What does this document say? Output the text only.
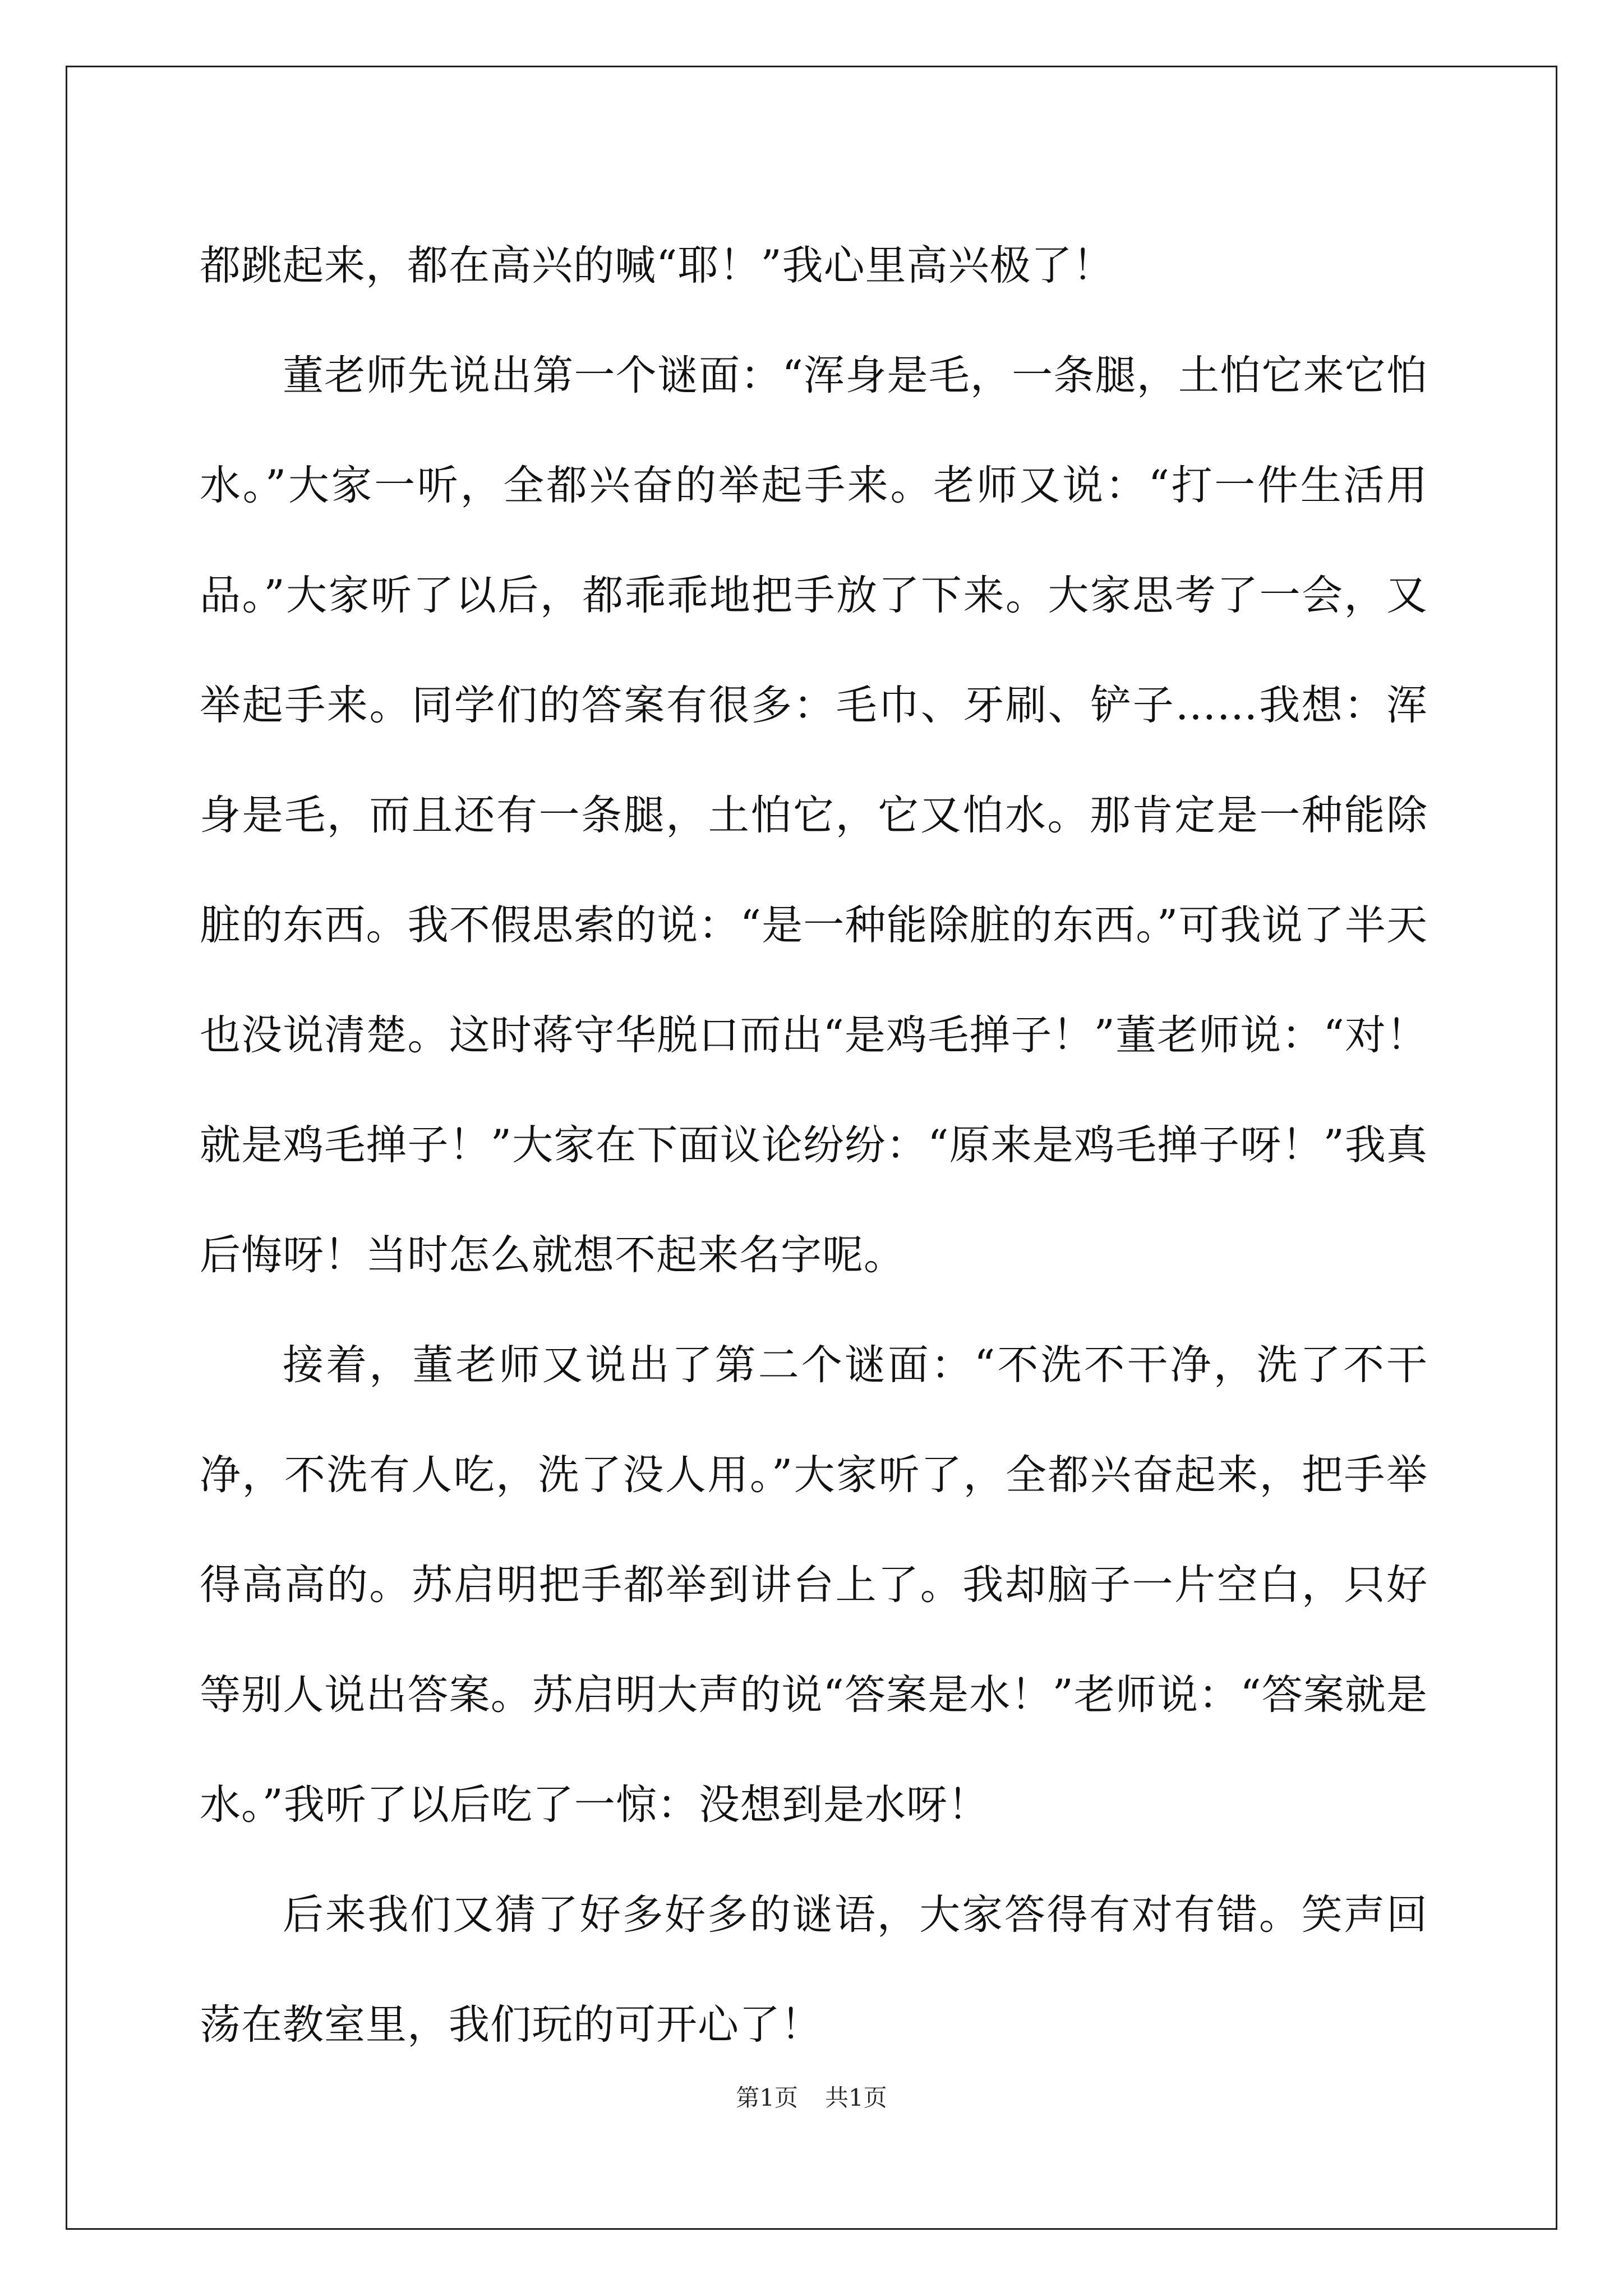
都跳起来，都在高兴的喊“耶！”我心里高兴极了！

董老师先说出第一个谜面：“浑身是毛，一条腿，土怕它来它怕水。”大家一听，全都兴奋的举起手来。老师又说：“打一件生活用品。”大家听了以后，都乖乖地把手放了下来。大家思考了一会，又举起手来。同学们的答案有很多：毛巾、牙刷、铲子……我想：浑身是毛，而且还有一条腿，土怕它，它又怕水。那肯定是一种能除脏的东西。我不假思索的说：“是一种能除脏的东西。”可我说了半天也没说清楚。这时蒋守华脱口而出“是鸡毛掸子！”董老师说：“对！就是鸡毛掸子！”大家在下面议论纷纷：“原来是鸡毛掸子呀！”我真后悔呀！当时怎么就想不起来名字呢。

接着，董老师又说出了第二个谜面：“不洗不干净，洗了不干净，不洗有人吃，洗了没人用。”大家听了，全都兴奋起来，把手举得高高的。苏启明把手都举到讲台上了。我却脑子一片空白，只好等别人说出答案。苏启明大声的说“答案是水！”老师说：“答案就是水。”我听了以后吃了一惊：没想到是水呀！

后来我们又猜了好多好多的谜语，大家答得有对有错。笑声回荡在教室里，我们玩的可开心了！

第1页 共1页
